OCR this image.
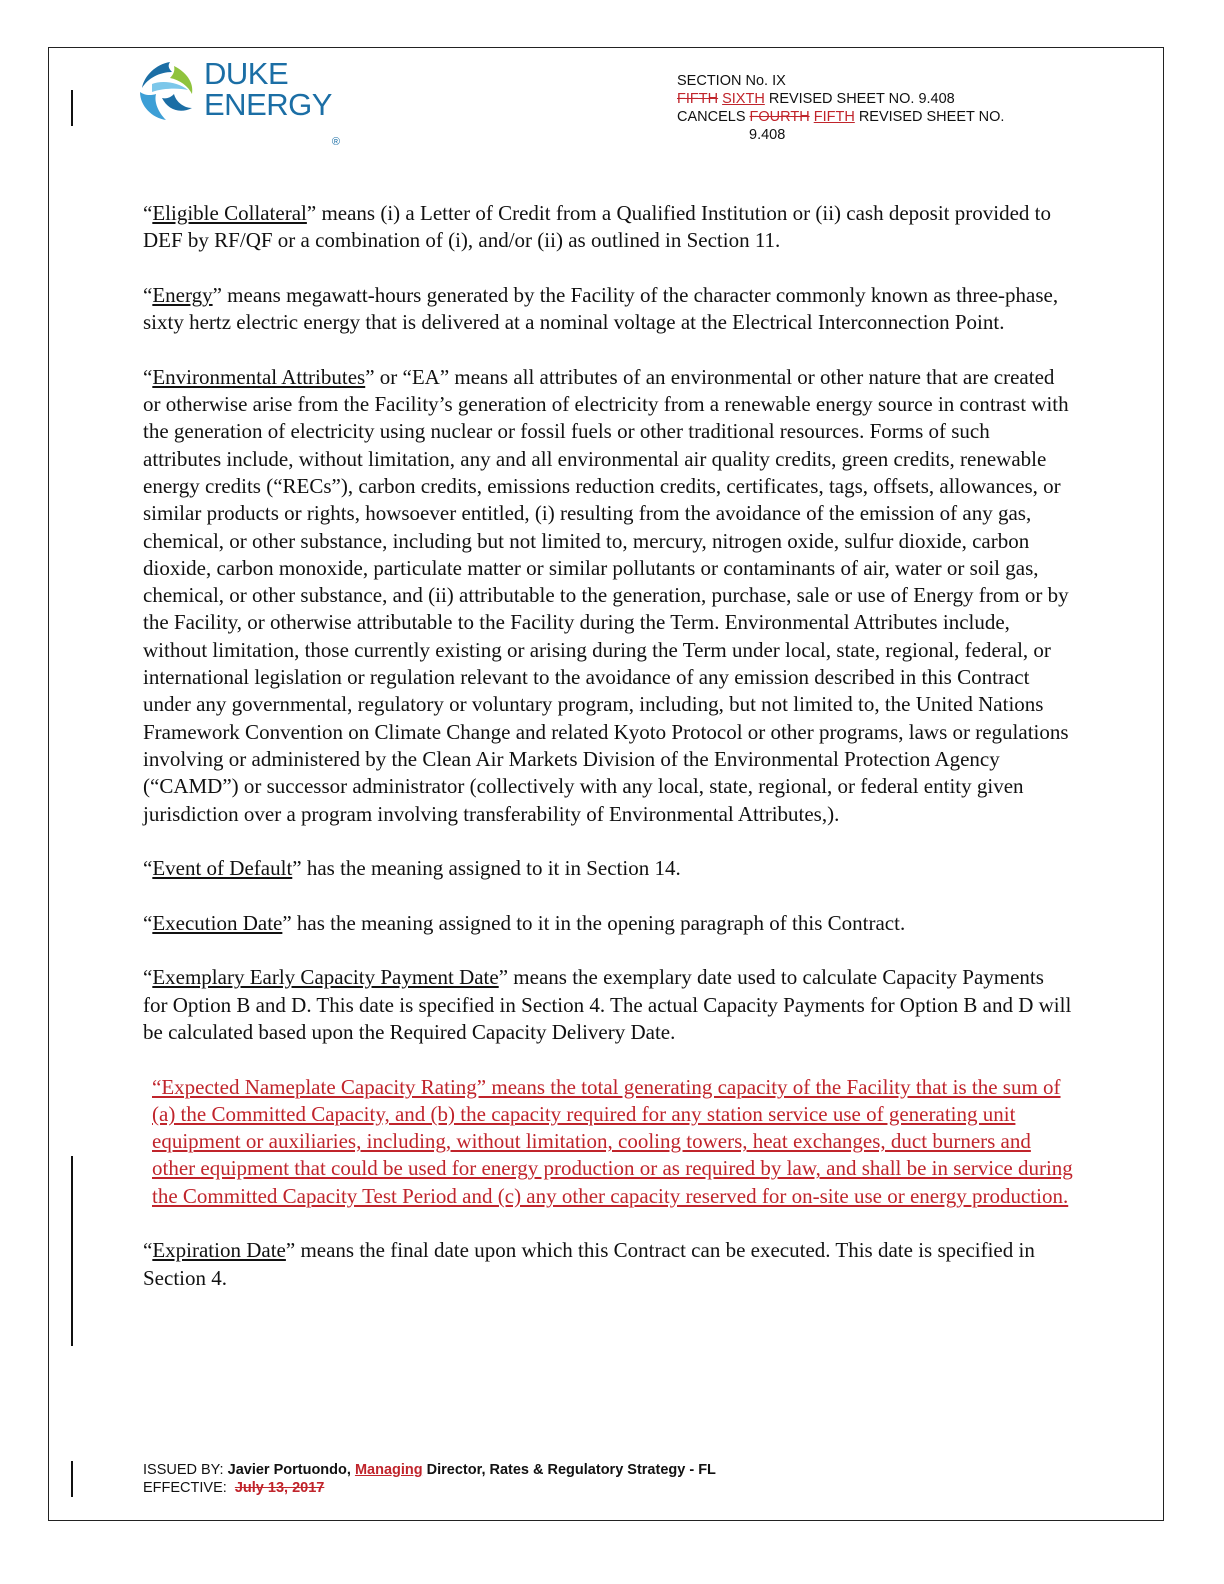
DUKE
$ENERGY_®$
SECTION No. IX
FIFTH SIXTH REVISED SHEET NO. 9.408
CANCELS FOURTH FIFTH REVISED SHEET NO.
9.408

“Eligible Collateral” means (i) a Letter of Credit from a Qualified Institution or (ii) cash deposit provided to DEF by RF/QF or a combination of (i), and/or (ii) as outlined in Section 11.

“Energy” means megawatt-hours generated by the Facility of the character commonly known as three-phase, sixty hertz electric energy that is delivered at a nominal voltage at the Electrical Interconnection Point.

“Environmental Attributes” or “EA” means all attributes of an environmental or other nature that are created or otherwise arise from the Facility’s generation of electricity from a renewable energy source in contrast with the generation of electricity using nuclear or fossil fuels or other traditional resources. Forms of such attributes include, without limitation, any and all environmental air quality credits, green credits, renewable energy credits (“RECs”), carbon credits, emissions reduction credits, certificates, tags, offsets, allowances, or similar products or rights, howsoever entitled, (i) resulting from the avoidance of the emission of any gas, chemical, or other substance, including but not limited to, mercury, nitrogen oxide, sulfur dioxide, carbon dioxide, carbon monoxide, particulate matter or similar pollutants or contaminants of air, water or soil gas, chemical, or other substance, and (ii) attributable to the generation, purchase, sale or use of Energy from or by the Facility, or otherwise attributable to the Facility during the Term. Environmental Attributes include, without limitation, those currently existing or arising during the Term under local, state, regional, federal, or international legislation or regulation relevant to the avoidance of any emission described in this Contract under any governmental, regulatory or voluntary program, including, but not limited to, the United Nations Framework Convention on Climate Change and related Kyoto Protocol or other programs, laws or regulations involving or administered by the Clean Air Markets Division of the Environmental Protection Agency (“CAMD”) or successor administrator (collectively with any local, state, regional, or federal entity given jurisdiction over a program involving transferability of Environmental Attributes,).

“Event of Default” has the meaning assigned to it in Section 14.

“Execution Date” has the meaning assigned to it in the opening paragraph of this Contract.

“Exemplary Early Capacity Payment Date” means the exemplary date used to calculate Capacity Payments for Option B and D. This date is specified in Section 4. The actual Capacity Payments for Option B and D will be calculated based upon the Required Capacity Delivery Date.

“Expected Nameplate Capacity Rating” means the total generating capacity of the Facility that is the sum of (a) the Committed Capacity, and (b) the capacity required for any station service use of generating unit equipment or auxiliaries, including, without limitation, cooling towers, heat exchanges, duct burners and other equipment that could be used for energy production or as required by law, and shall be in service during the Committed Capacity Test Period and (c) any other capacity reserved for on-site use or energy production.

“Expiration Date” means the final date upon which this Contract can be executed. This date is specified in Section 4.

ISSUED BY: Javier Portuondo, Managing Director, Rates & Regulatory Strategy - FL
EFFECTIVE: July 13, 2017
